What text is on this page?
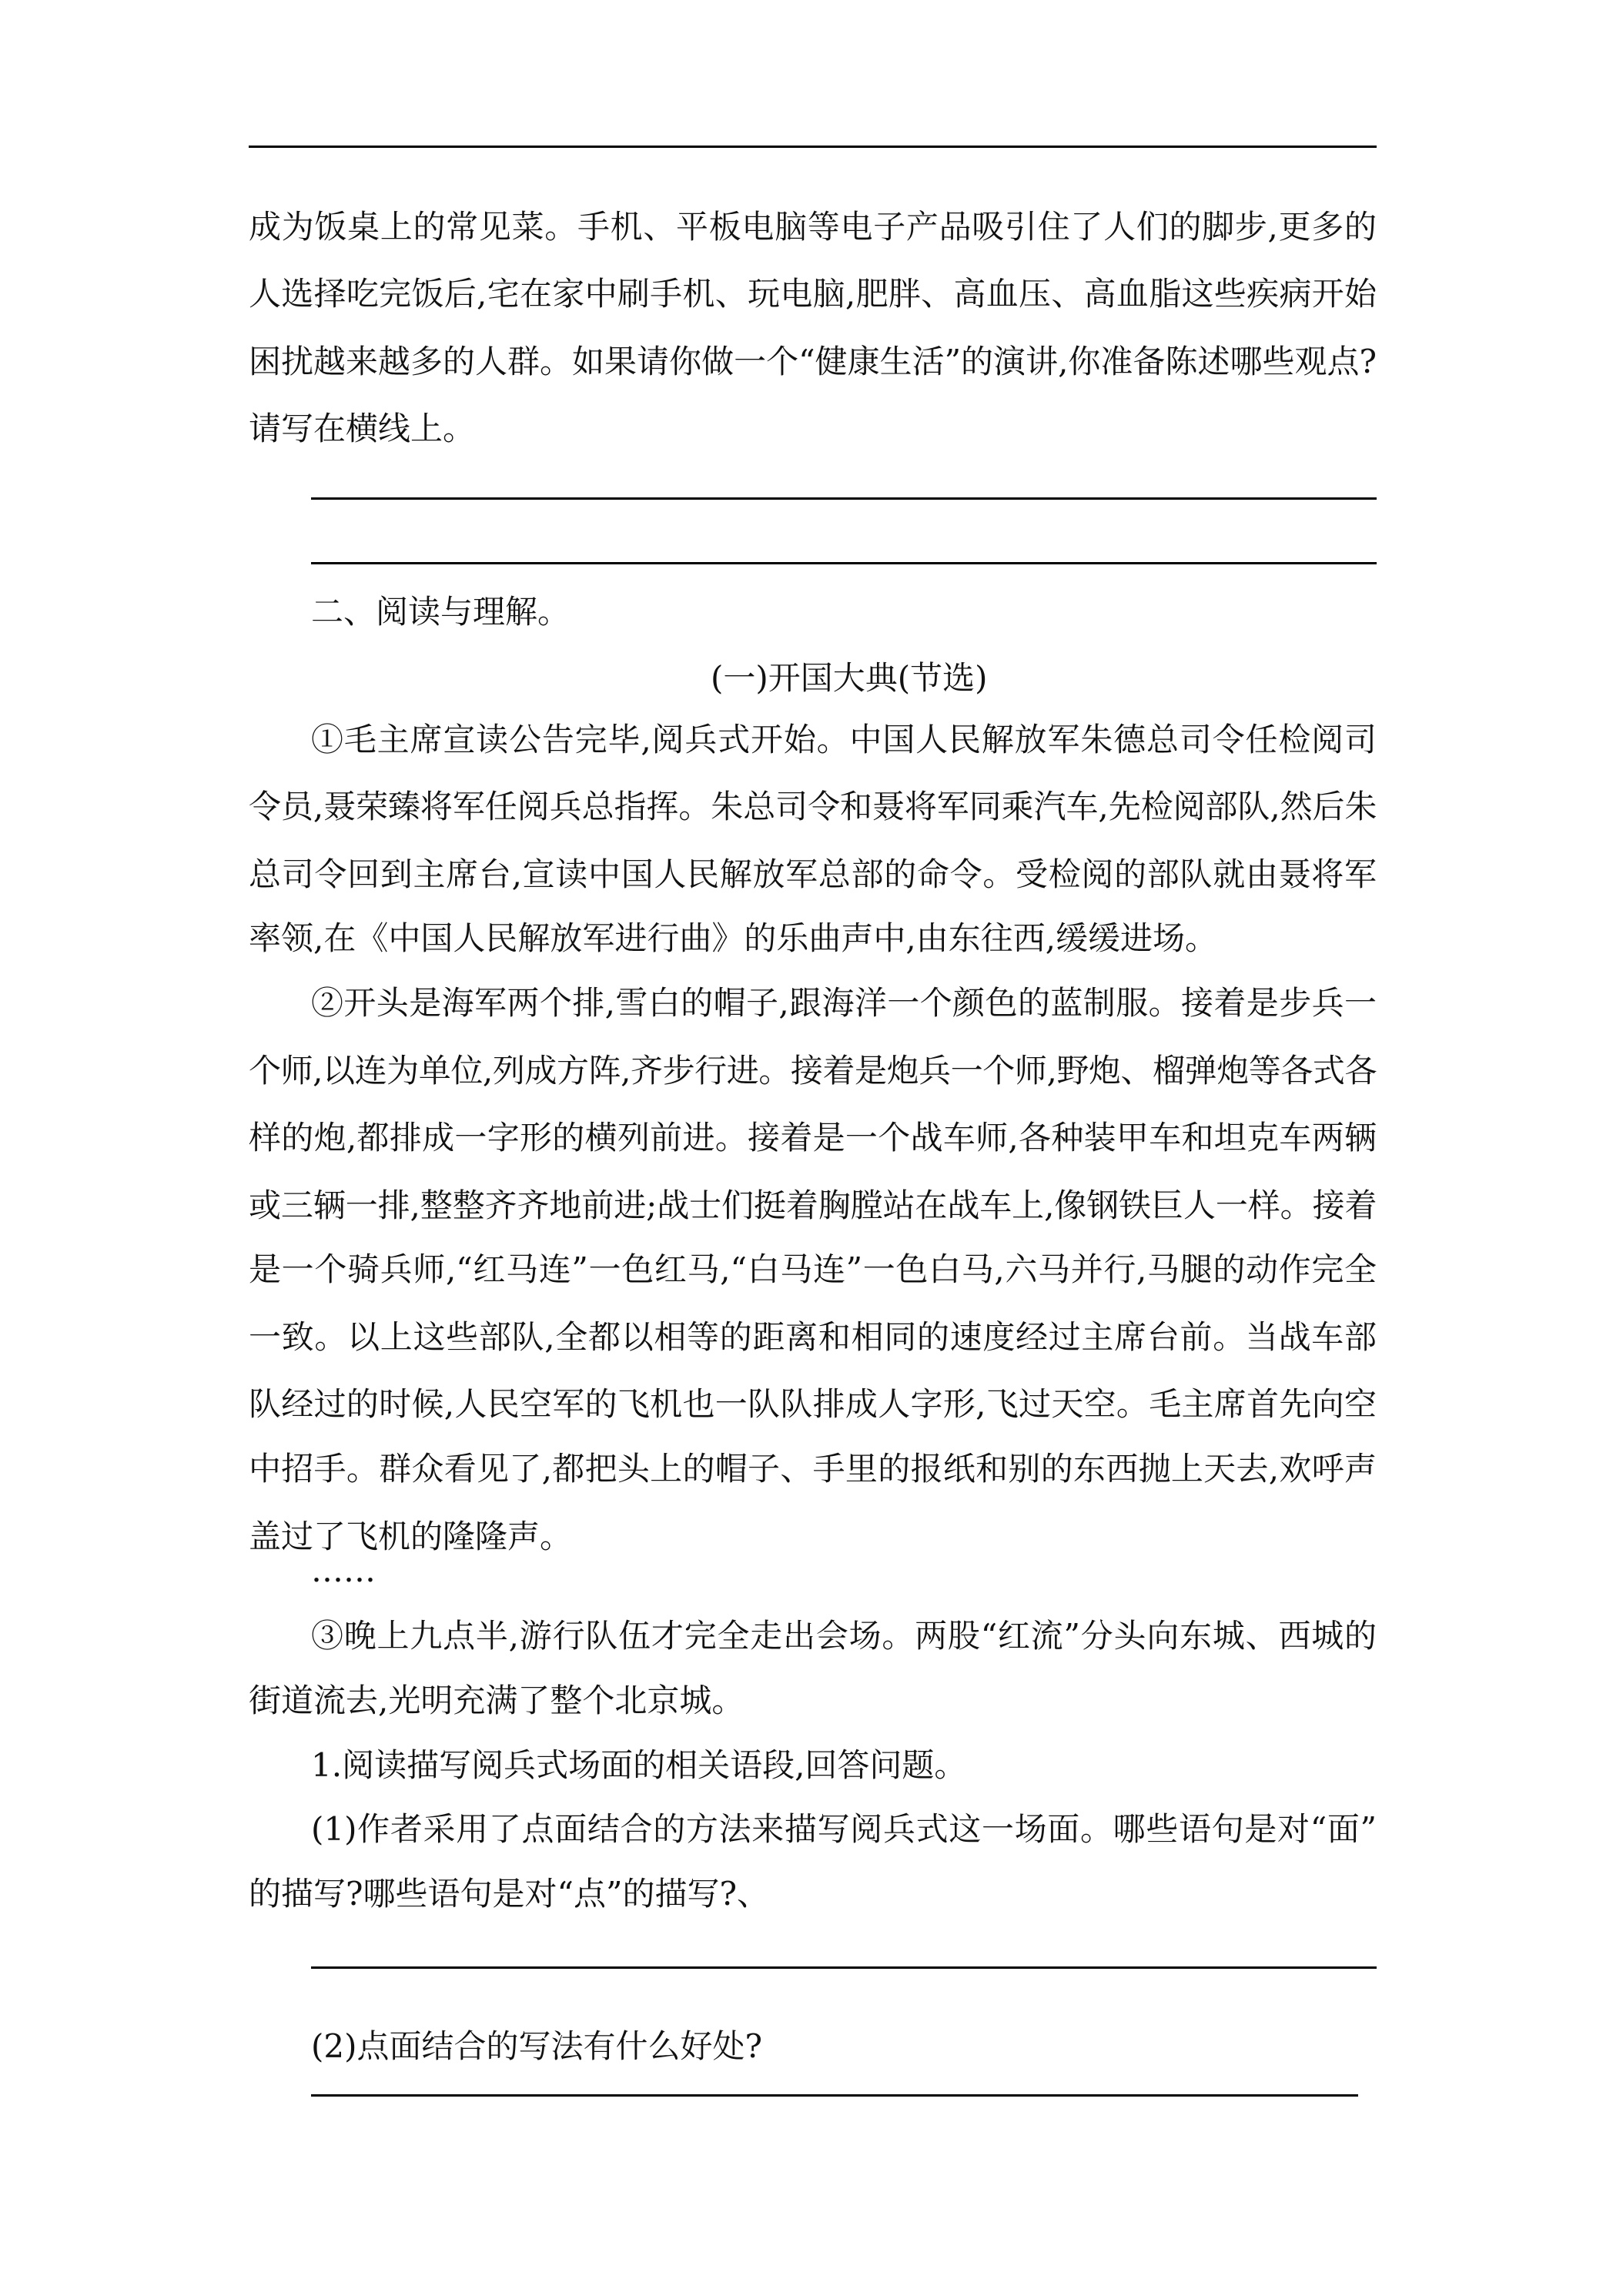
成为饭桌上的常见菜。手机、平板电脑等电子产品吸引住了人们的脚步,更多的
人选择吃完饭后,宅在家中刷手机、玩电脑,肥胖、高血压、高血脂这些疾病开始
困扰越来越多的人群。如果请你做一个“健康生活”的演讲,你准备陈述哪些观点?
请写在横线上。
二、阅读与理解。
(一)开国大典(节选)
①毛主席宣读公告完毕,阅兵式开始。中国人民解放军朱德总司令任检阅司
令员,聂荣臻将军任阅兵总指挥。朱总司令和聂将军同乘汽车,先检阅部队,然后朱
总司令回到主席台,宣读中国人民解放军总部的命令。受检阅的部队就由聂将军
率领,在《中国人民解放军进行曲》的乐曲声中,由东往西,缓缓进场。
②开头是海军两个排,雪白的帽子,跟海洋一个颜色的蓝制服。接着是步兵一
个师,以连为单位,列成方阵,齐步行进。接着是炮兵一个师,野炮、榴弹炮等各式各
样的炮,都排成一字形的横列前进。接着是一个战车师,各种装甲车和坦克车两辆
或三辆一排,整整齐齐地前进;战士们挺着胸膛站在战车上,像钢铁巨人一样。接着
是一个骑兵师,“红马连”一色红马,“白马连”一色白马,六马并行,马腿的动作完全
一致。以上这些部队,全都以相等的距离和相同的速度经过主席台前。当战车部
队经过的时候,人民空军的飞机也一队队排成人字形,飞过天空。毛主席首先向空
中招手。群众看见了,都把头上的帽子、手里的报纸和别的东西抛上天去,欢呼声
盖过了飞机的隆隆声。
……
③晚上九点半,游行队伍才完全走出会场。两股“红流”分头向东城、西城的
街道流去,光明充满了整个北京城。
1.阅读描写阅兵式场面的相关语段,回答问题。
(1)作者采用了点面结合的方法来描写阅兵式这一场面。哪些语句是对“面”
的描写?哪些语句是对“点”的描写?、
(2)点面结合的写法有什么好处?
